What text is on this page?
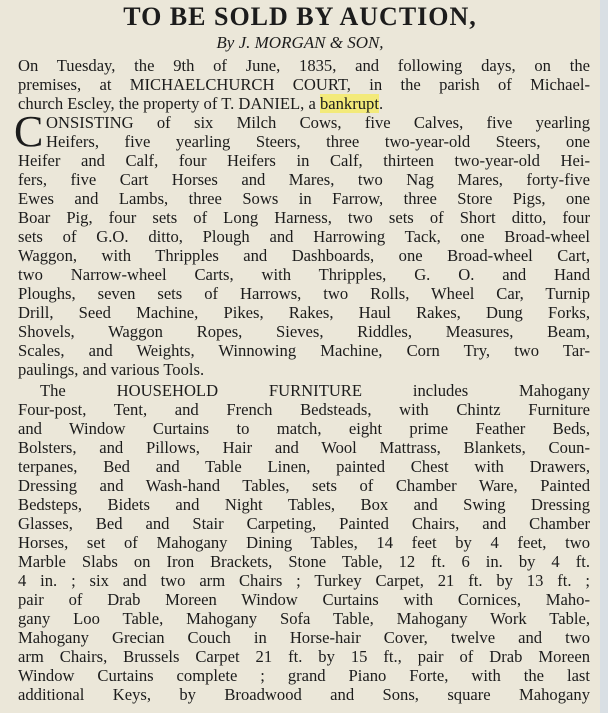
TO BE SOLD BY AUCTION,
By J. MORGAN & SON,
On Tuesday, the 9th of June, 1835, and following days, on the
premises, at MICHAELCHURCH COURT, in the parish of Michael-
church Escley, the property of T. DANIEL, a bankrupt.
C ONSISTING of six Milch Cows, five Calves, five yearling
Heifers, five yearling Steers, three two-year-old Steers, one
Heifer and Calf, four Heifers in Calf, thirteen two-year-old Hei-
fers, five Cart Horses and Mares, two Nag Mares, forty-five
Ewes and Lambs, three Sows in Farrow, three Store Pigs, one
Boar Pig, four sets of Long Harness, two sets of Short ditto, four
sets of G.O. ditto, Plough and Harrowing Tack, one Broad-wheel
Waggon, with Thripples and Dashboards, one Broad-wheel Cart,
two Narrow-wheel Carts, with Thripples, G. O. and Hand
Ploughs, seven sets of Harrows, two Rolls, Wheel Car, Turnip
Drill, Seed Machine, Pikes, Rakes, Haul Rakes, Dung Forks,
Shovels, Waggon Ropes, Sieves, Riddles, Measures, Beam,
Scales, and Weights, Winnowing Machine, Corn Try, two Tar-
paulings, and various Tools.
The HOUSEHOLD FURNITURE includes Mahogany
Four-post, Tent, and French Bedsteads, with Chintz Furniture
and Window Curtains to match, eight prime Feather Beds,
Bolsters, and Pillows, Hair and Wool Mattrass, Blankets, Coun-
terpanes, Bed and Table Linen, painted Chest with Drawers,
Dressing and Wash-hand Tables, sets of Chamber Ware, Painted
Bedsteps, Bidets and Night Tables, Box and Swing Dressing
Glasses, Bed and Stair Carpeting, Painted Chairs, and Chamber
Horses, set of Mahogany Dining Tables, 14 feet by 4 feet, two
Marble Slabs on Iron Brackets, Stone Table, 12 ft. 6 in. by 4 ft.
4 in. ; six and two arm Chairs ; Turkey Carpet, 21 ft. by 13 ft. ;
pair of Drab Moreen Window Curtains with Cornices, Maho-
gany Loo Table, Mahogany Sofa Table, Mahogany Work Table,
Mahogany Grecian Couch in Horse-hair Cover, twelve and two
arm Chairs, Brussels Carpet 21 ft. by 15 ft., pair of Drab Moreen
Window Curtains complete ; grand Piano Forte, with the last
additional Keys, by Broadwood and Sons, square Mahogany
